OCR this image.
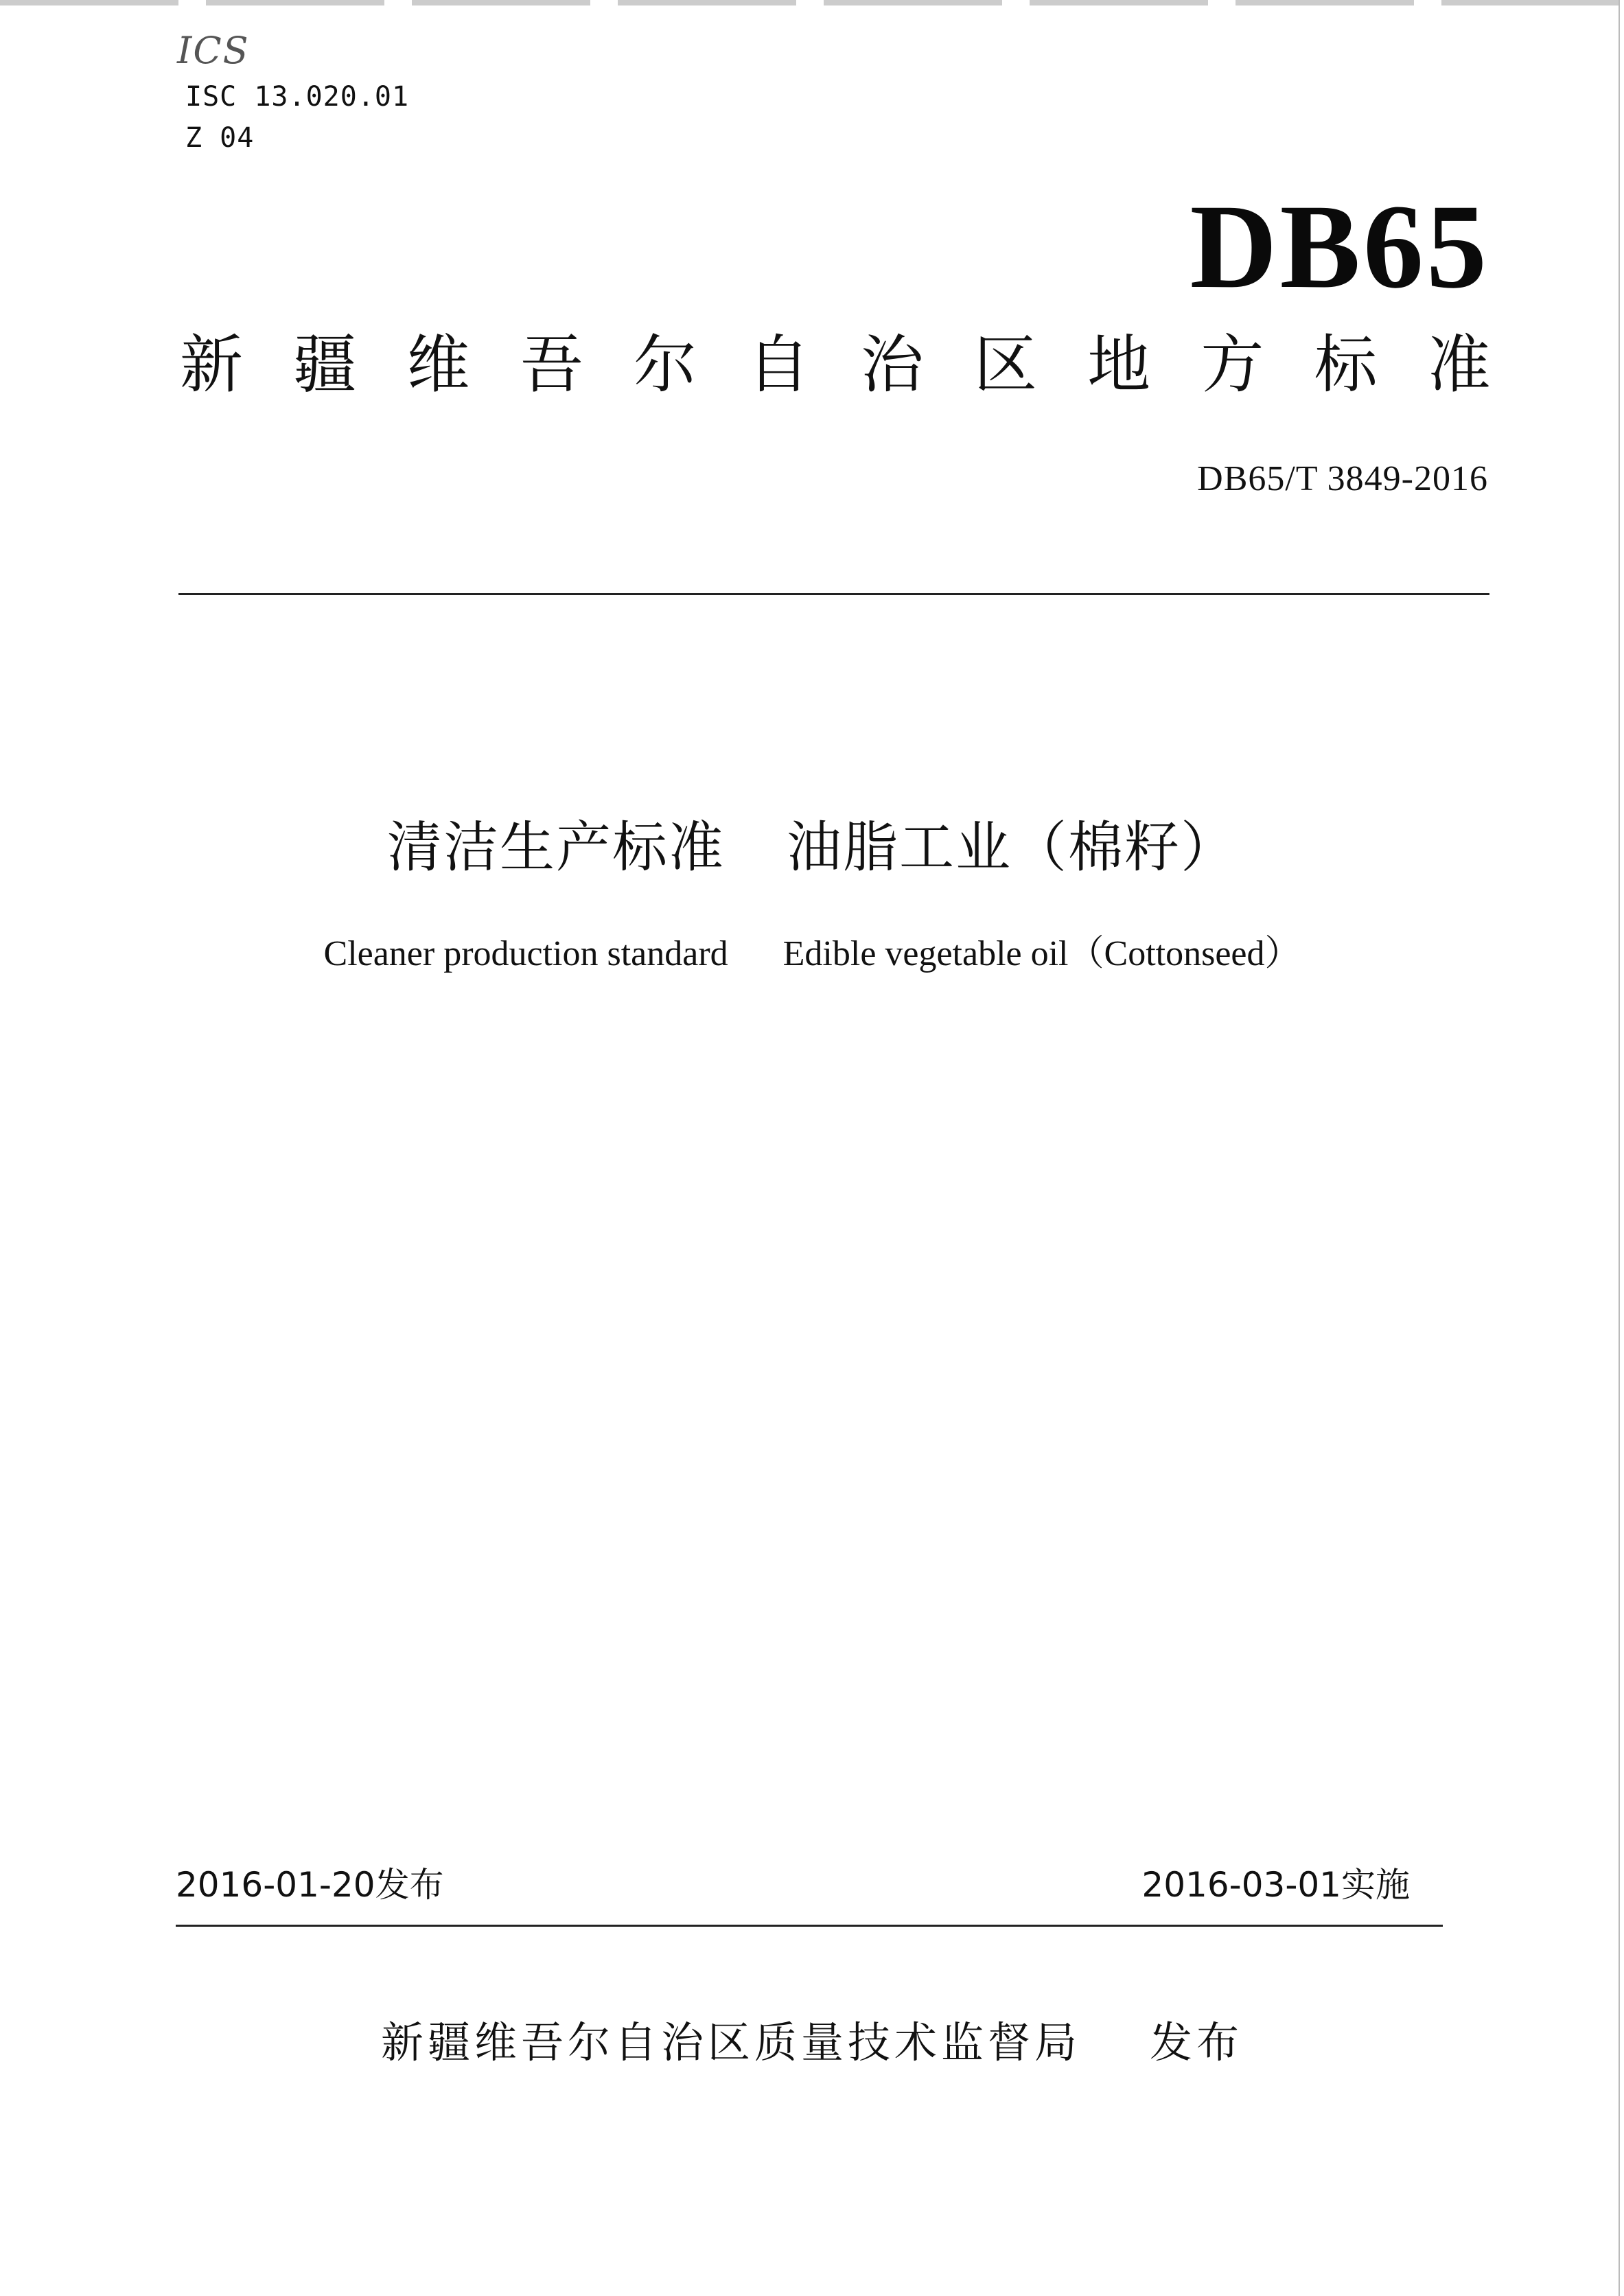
ICS
ISC 13.020.01
Z 04
DB65
新 疆 维 吾 尔 自 治 区 地 方 标 准
DB65/T 3849-2016
清洁生产标准 油脂工业（棉籽）
Cleaner production standard Edible vegetable oil（Cottonseed）
2016-01-20发布	2016-03-01实施
新疆维吾尔自治区质量技术监督局 发布
